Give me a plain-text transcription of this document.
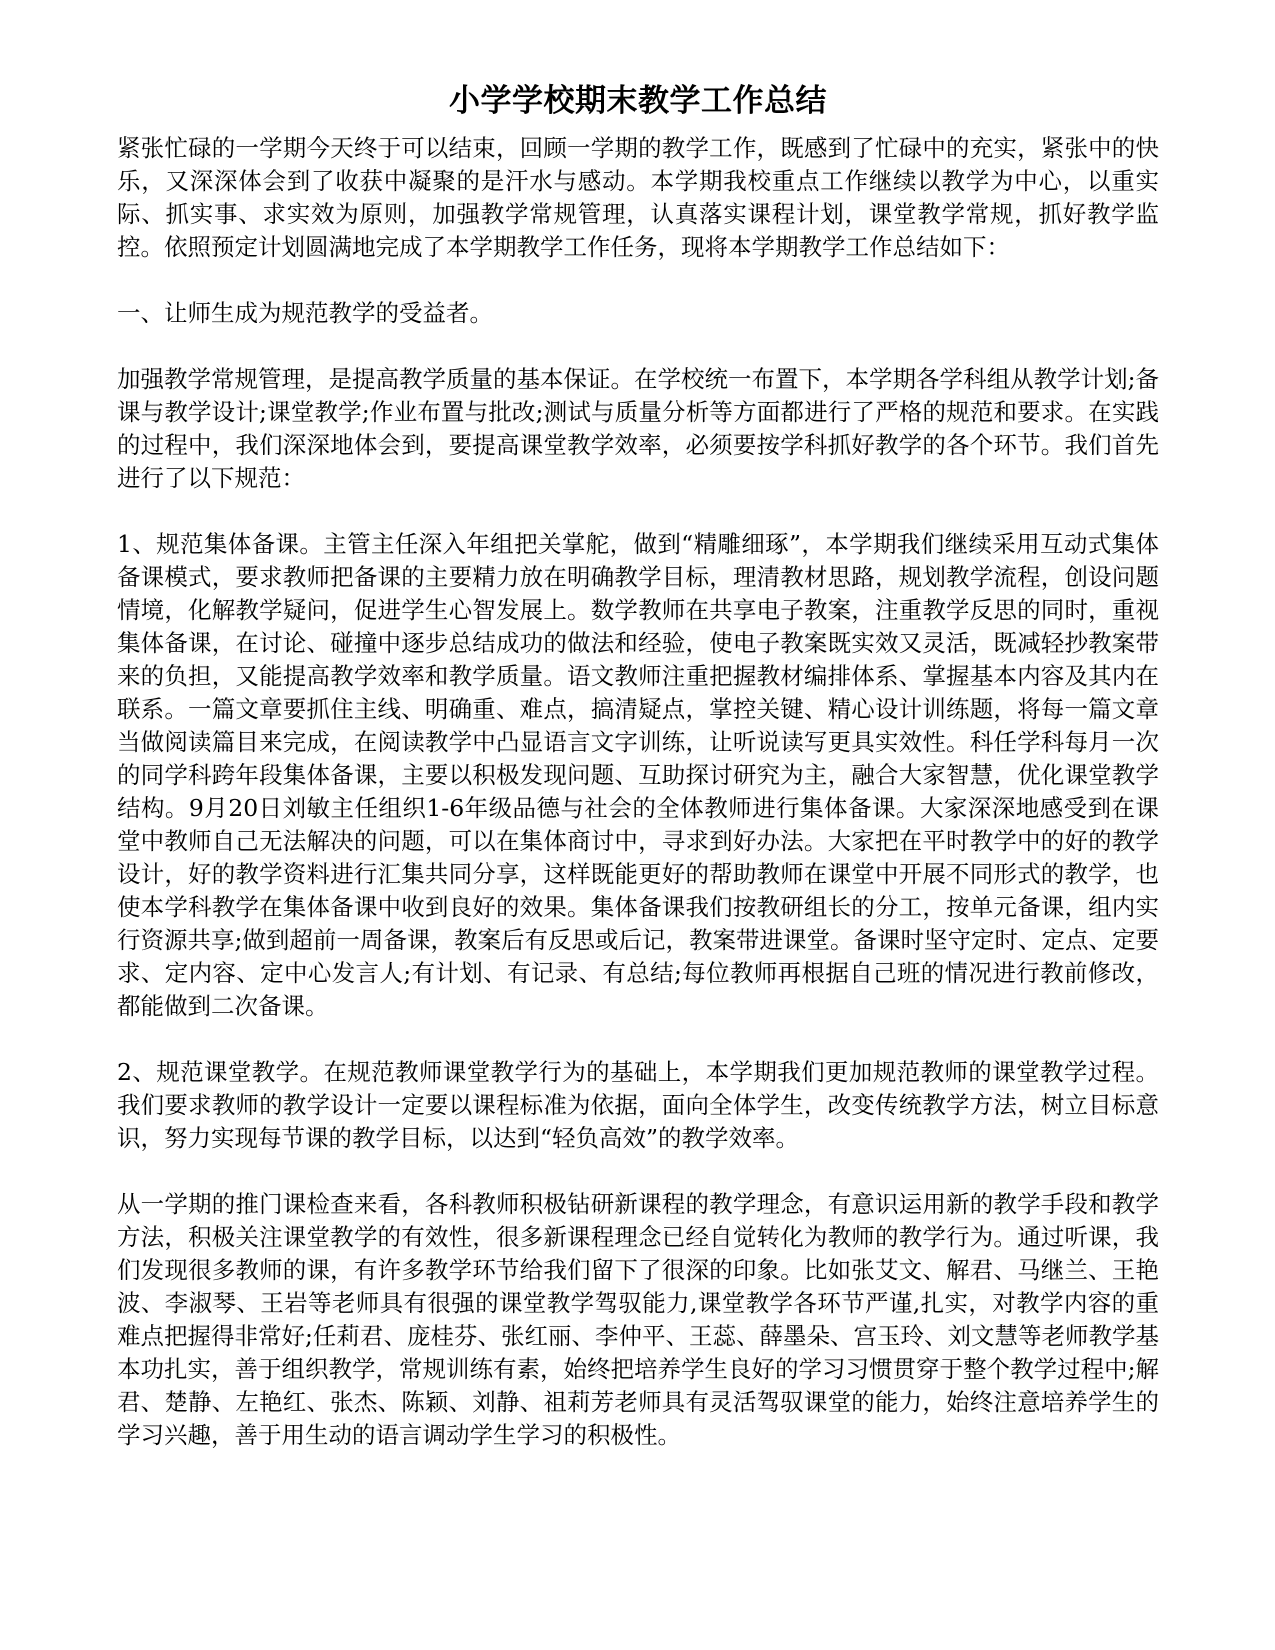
小学学校期末教学工作总结

紧张忙碌的一学期今天终于可以结束，回顾一学期的教学工作，既感到了忙碌中的充实，紧张中的快乐，又深深体会到了收获中凝聚的是汗水与感动。本学期我校重点工作继续以教学为中心，以重实际、抓实事、求实效为原则，加强教学常规管理，认真落实课程计划，课堂教学常规，抓好教学监控。依照预定计划圆满地完成了本学期教学工作任务，现将本学期教学工作总结如下：

一、让师生成为规范教学的受益者。

加强教学常规管理，是提高教学质量的基本保证。在学校统一布置下，本学期各学科组从教学计划;备课与教学设计;课堂教学;作业布置与批改;测试与质量分析等方面都进行了严格的规范和要求。在实践的过程中，我们深深地体会到，要提高课堂教学效率，必须要按学科抓好教学的各个环节。我们首先进行了以下规范：

1、规范集体备课。主管主任深入年组把关掌舵，做到“精雕细琢”，本学期我们继续采用互动式集体备课模式，要求教师把备课的主要精力放在明确教学目标，理清教材思路，规划教学流程，创设问题情境，化解教学疑问，促进学生心智发展上。数学教师在共享电子教案，注重教学反思的同时，重视集体备课，在讨论、碰撞中逐步总结成功的做法和经验，使电子教案既实效又灵活，既减轻抄教案带来的负担，又能提高教学效率和教学质量。语文教师注重把握教材编排体系、掌握基本内容及其内在联系。一篇文章要抓住主线、明确重、难点，搞清疑点，掌控关键、精心设计训练题，将每一篇文章当做阅读篇目来完成，在阅读教学中凸显语言文字训练，让听说读写更具实效性。科任学科每月一次的同学科跨年段集体备课，主要以积极发现问题、互助探讨研究为主，融合大家智慧，优化课堂教学结构。9月20日刘敏主任组织1-6年级品德与社会的全体教师进行集体备课。大家深深地感受到在课堂中教师自己无法解决的问题，可以在集体商讨中，寻求到好办法。大家把在平时教学中的好的教学设计，好的教学资料进行汇集共同分享，这样既能更好的帮助教师在课堂中开展不同形式的教学，也使本学科教学在集体备课中收到良好的效果。集体备课我们按教研组长的分工，按单元备课，组内实行资源共享;做到超前一周备课，教案后有反思或后记，教案带进课堂。备课时坚守定时、定点、定要求、定内容、定中心发言人;有计划、有记录、有总结;每位教师再根据自己班的情况进行教前修改，都能做到二次备课。

2、规范课堂教学。在规范教师课堂教学行为的基础上，本学期我们更加规范教师的课堂教学过程。我们要求教师的教学设计一定要以课程标准为依据，面向全体学生，改变传统教学方法，树立目标意识，努力实现每节课的教学目标，以达到“轻负高效”的教学效率。

从一学期的推门课检查来看，各科教师积极钻研新课程的教学理念，有意识运用新的教学手段和教学方法，积极关注课堂教学的有效性，很多新课程理念已经自觉转化为教师的教学行为。通过听课，我们发现很多教师的课，有许多教学环节给我们留下了很深的印象。比如张艾文、解君、马继兰、王艳波、李淑琴、王岩等老师具有很强的课堂教学驾驭能力,课堂教学各环节严谨,扎实，对教学内容的重难点把握得非常好;任莉君、庞桂芬、张红丽、李仲平、王蕊、薛墨朵、宫玉玲、刘文慧等老师教学基本功扎实，善于组织教学，常规训练有素，始终把培养学生良好的学习习惯贯穿于整个教学过程中;解君、楚静、左艳红、张杰、陈颖、刘静、祖莉芳老师具有灵活驾驭课堂的能力，始终注意培养学生的学习兴趣，善于用生动的语言调动学生学习的积极性。
